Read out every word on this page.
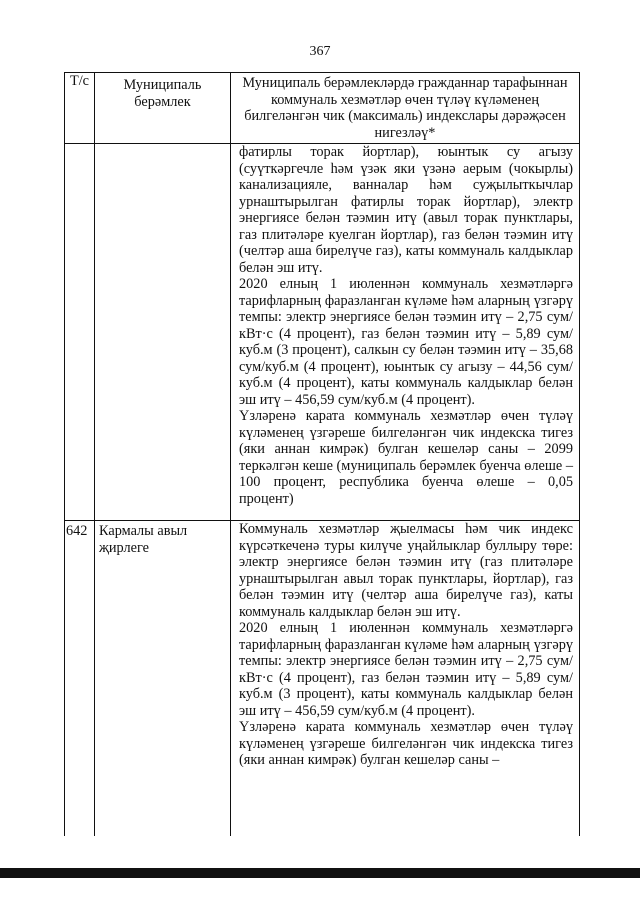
367
Т/с	Муниципаль берәмлек	Муниципаль берәмлекләрдә гражданнар тарафыннан коммуналь хезмәтләр өчен түләү күләменең билгеләнгән чик (максималь) индекслары дәрәҗәсен нигезләү*

		фатирлы торак йортлар), юынтык су агызу (суүткәргечле һәм үзәк яки үзәнә аерым (чокырлы) канализацияле, ванналар һәм суҗылыткычлар урнаштырылган фатирлы торак йортлар), электр энергиясе белән тәэмин итү (авыл торак пунктлары, газ плитәләре куелган йортлар), газ белән тәэмин итү (челтәр аша бирелүче газ), каты коммуналь калдыклар белән эш итү.

2020 елның 1 июленнән коммуналь хезмәтләргә тарифларның фаразланган күләме һәм аларның үзгәрү темпы: электр энергиясе белән тәэмин итү – 2,75 сум/кВт·с (4 процент), газ белән тәэмин итү – 5,89 сум/куб.м (3 процент), салкын су белән тәэмин итү – 35,68 сум/куб.м (4 процент), юынтык су агызу – 44,56 сум/куб.м (4 процент), каты коммуналь калдыклар белән эш итү – 456,59 сум/куб.м (4 процент).

Үзләренә карата коммуналь хезмәтләр өчен түләү күләменең үзгәреше билгеләнгән чик индекска тигез (яки аннан кимрәк) булган кешеләр саны – 2099 теркәлгән кеше (муниципаль берәмлек буенча өлеше – 100 процент, республика буенча өлеше – 0,05 процент)

642	Кармалы авыл җирлеге	Коммуналь хезмәтләр җыелмасы һәм чик индекс күрсәткеченә туры килүче уңайлыклар буллыру төре: электр энергиясе белән тәэмин итү (газ плитәләре урнаштырылган авыл торак пунктлары, йортлар), газ белән тәэмин итү (челтәр аша бирелүче газ), каты коммуналь калдыклар белән эш итү.

2020 елның 1 июленнән коммуналь хезмәтләргә тарифларның фаразланган күләме һәм аларның үзгәрү темпы: электр энергиясе белән тәэмин итү – 2,75 сум/кВт·с (4 процент), газ белән тәэмин итү – 5,89 сум/куб.м (3 процент), каты коммуналь калдыклар белән эш итү – 456,59 сум/куб.м (4 процент).

Үзләренә карата коммуналь хезмәтләр өчен түләү күләменең үзгәреше билгеләнгән чик индекска тигез (яки аннан кимрәк) булган кешеләр саны –
